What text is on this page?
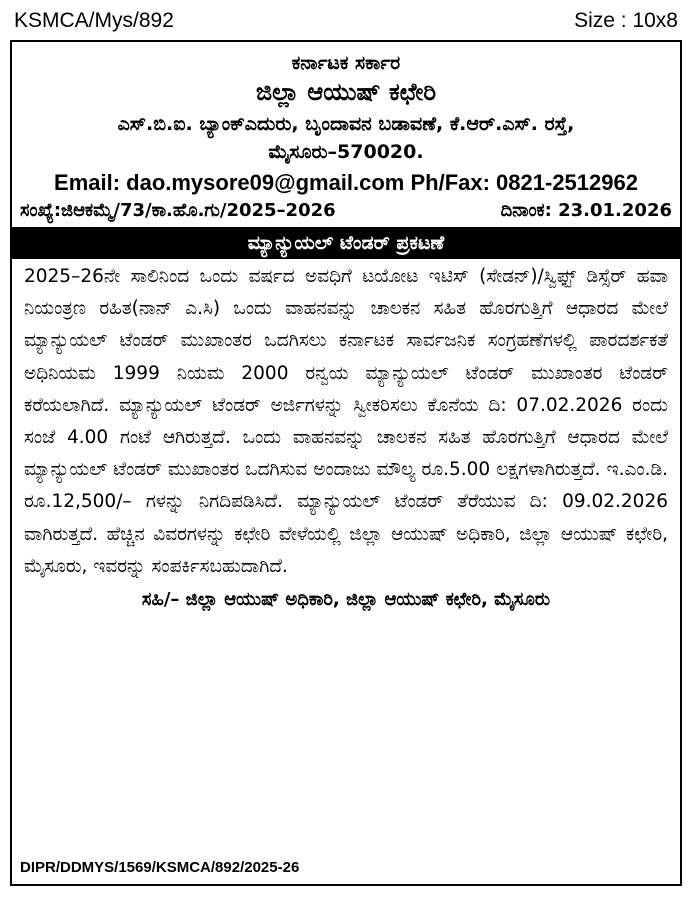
KSMCA/Mys/892	Size : 10x8
ಕರ್ನಾಟಕ ಸರ್ಕಾರ
ಜಿಲ್ಲಾ ಆಯುಷ್ ಕಛೇರಿ
ಎಸ್.ಬಿ.ಐ. ಬ್ಯಾಂಕ್ಎದುರು, ಬೃಂದಾವನ ಬಡಾವಣೆ, ಕೆ.ಆರ್.ಎಸ್. ರಸ್ತೆ,
ಮೈಸೂರು–570020.
Email: dao.mysore09@gmail.com Ph/Fax: 0821-2512962
ಸಂಖ್ಯೆ:ಜಿಆಕಮ್ಮೆ/73/ಕಾ.ಹೊ.ಗು/2025–2026	ದಿನಾಂಕ: 23.01.2026
ಮ್ಯಾನ್ಯುಯಲ್ ಟೆಂಡರ್ ಪ್ರಕಟಣೆ
2025–26ನೇ ಸಾಲಿನಿಂದ ಒಂದು ವರ್ಷದ ಅವಧಿಗೆ ಟಯೋಟ ಇಟಿಸ್ (ಸೇಡನ್)/ಸ್ವಿಫ್ಟ್ ಡಿಸ್ಸೆರ್ ಹವಾ ನಿಯಂತ್ರಣ ರಹಿತ(ನಾನ್ ಎ.ಸಿ) ಒಂದು ವಾಹನವನ್ನು ಚಾಲಕನ ಸಹಿತ ಹೊರಗುತ್ತಿಗೆ ಆಧಾರದ ಮೇಲೆ ಮ್ಯಾನ್ಯುಯಲ್ ಟೆಂಡರ್ ಮುಖಾಂತರ ಒದಗಿಸಲು ಕರ್ನಾಟಕ ಸಾರ್ವಜನಿಕ ಸಂಗ್ರಹಣೆಗಳಲ್ಲಿ ಪಾರದರ್ಶಕತೆ ಅಧಿನಿಯಮ 1999 ನಿಯಮ 2000 ರನ್ವಯ ಮ್ಯಾನ್ಯುಯಲ್ ಟೆಂಡರ್ ಮುಖಾಂತರ ಟೆಂಡರ್ ಕರೆಯಲಾಗಿದೆ. ಮ್ಯಾನ್ಯುಯಲ್ ಟೆಂಡರ್ ಅರ್ಜಿಗಳನ್ನು ಸ್ವೀಕರಿಸಲು ಕೊನೆಯ ದಿ: 07.02.2026 ರಂದು ಸಂಜೆ 4.00 ಗಂಟೆ ಆಗಿರುತ್ತದೆ. ಒಂದು ವಾಹನವನ್ನು ಚಾಲಕನ ಸಹಿತ ಹೊರಗುತ್ತಿಗೆ ಆಧಾರದ ಮೇಲೆ ಮ್ಯಾನ್ಯುಯಲ್ ಟೆಂಡರ್ ಮುಖಾಂತರ ಒದಗಿಸುವ ಅಂದಾಜು ಮೌಲ್ಯ ರೂ.5.00 ಲಕ್ಷಗಳಾಗಿರುತ್ತದೆ. ಇ.ಎಂ.ಡಿ. ರೂ.12,500/– ಗಳನ್ನು ನಿಗದಿಪಡಿಸಿದೆ. ಮ್ಯಾನ್ಯುಯಲ್ ಟೆಂಡರ್ ತೆರೆಯುವ ದಿ: 09.02.2026 ವಾಗಿರುತ್ತದೆ. ಹೆಚ್ಚಿನ ವಿವರಗಳನ್ನು ಕಛೇರಿ ವೇಳೆಯಲ್ಲಿ ಜಿಲ್ಲಾ ಆಯುಷ್ ಅಧಿಕಾರಿ, ಜಿಲ್ಲಾ ಆಯುಷ್ ಕಛೇರಿ, ಮೈಸೂರು, ಇವರನ್ನು ಸಂಪರ್ಕಿಸಬಹುದಾಗಿದೆ.
ಸಹಿ/– ಜಿಲ್ಲಾ ಆಯುಷ್ ಅಧಿಕಾರಿ, ಜಿಲ್ಲಾ ಆಯುಷ್ ಕಛೇರಿ, ಮೈಸೂರು
DIPR/DDMYS/1569/KSMCA/892/2025-26
